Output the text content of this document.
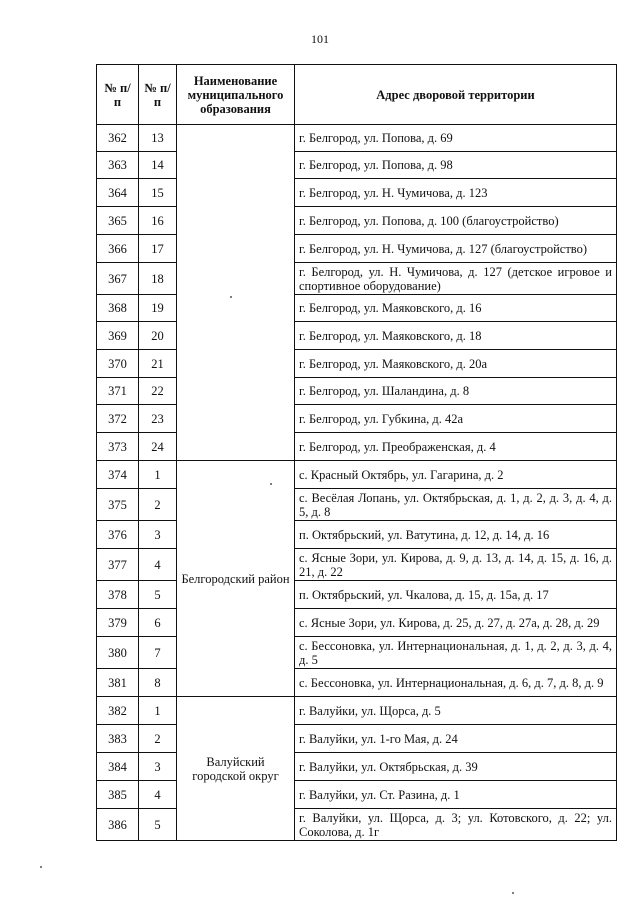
101
№ п/п	№ п/п	Наименование муниципального образования	Адрес дворовой территории
362	13		г. Белгород, ул. Попова, д. 69
363	14		г. Белгород, ул. Попова, д. 98
364	15		г. Белгород, ул. Н. Чумичова, д. 123
365	16		г. Белгород, ул. Попова, д. 100 (благоустройство)
366	17		г. Белгород, ул. Н. Чумичова, д. 127 (благоустройство)
367	18		г. Белгород, ул. Н. Чумичова, д. 127 (детское игровое и спортивное оборудование)
368	19		г. Белгород, ул. Маяковского, д. 16
369	20		г. Белгород, ул. Маяковского, д. 18
370	21		г. Белгород, ул. Маяковского, д. 20а
371	22		г. Белгород, ул. Шаландина, д. 8
372	23		г. Белгород, ул. Губкина, д. 42а
373	24		г. Белгород, ул. Преображенская, д. 4
374	1	Белгородский район	с. Красный Октябрь, ул. Гагарина, д. 2
375	2		с. Весёлая Лопань, ул. Октябрьская, д. 1, д. 2, д. 3, д. 4, д. 5, д. 8
376	3		п. Октябрьский, ул. Ватутина, д. 12, д. 14, д. 16
377	4		с. Ясные Зори, ул. Кирова, д. 9, д. 13, д. 14, д. 15, д. 16, д. 21, д. 22
378	5		п. Октябрьский, ул. Чкалова, д. 15, д. 15а, д. 17
379	6		с. Ясные Зори, ул. Кирова, д. 25, д. 27, д. 27а, д. 28, д. 29
380	7		с. Бессоновка, ул. Интернациональная, д. 1, д. 2, д. 3, д. 4, д. 5
381	8		с. Бессоновка, ул. Интернациональная, д. 6, д. 7, д. 8, д. 9
382	1	Валуйский городской округ	г. Валуйки, ул. Щорса, д. 5
383	2		г. Валуйки, ул. 1-го Мая, д. 24
384	3		г. Валуйки, ул. Октябрьская, д. 39
385	4		г. Валуйки, ул. Ст. Разина, д. 1
386	5		г. Валуйки, ул. Щорса, д. 3; ул. Котовского, д. 22; ул. Соколова, д. 1г
